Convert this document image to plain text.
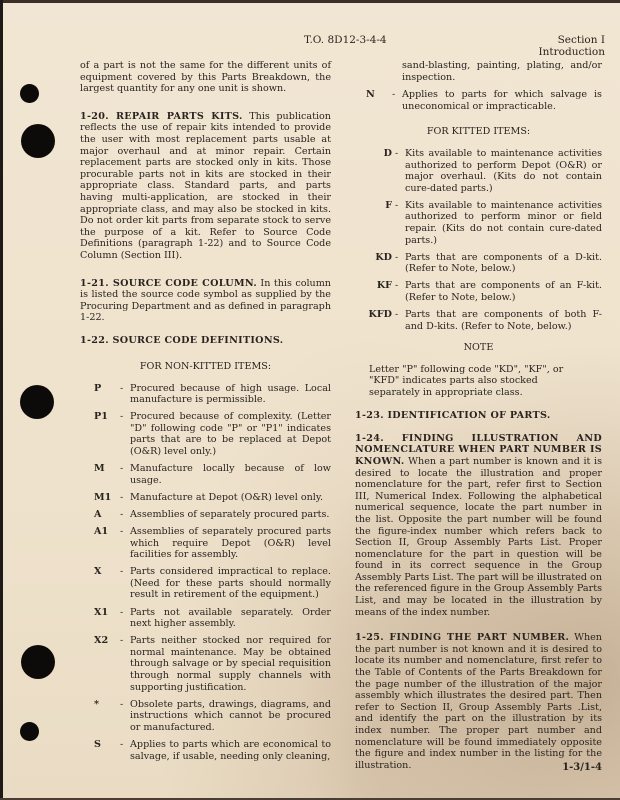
T.O. 8D12-3-4-4	Section I
Introduction

of a part is not the same for the different units of equipment covered by this Parts Breakdown, the largest quantity for any one unit is shown.

1-20. REPAIR PARTS KITS. This publication reflects the use of repair kits intended to provide the user with most replacement parts usable at major overhaul and at minor repair. Certain replacement parts are stocked only in kits. Those procurable parts not in kits are stocked in their appropriate class. Standard parts, and parts having multi-application, are stocked in their appropriate class, and may also be stocked in kits. Do not order kit parts from separate stock to serve the purpose of a kit. Refer to Source Code Definitions (paragraph 1-22) and to Source Code Column (Section III).

1-21. SOURCE CODE COLUMN. In this column is listed the source code symbol as supplied by the Procuring Department and as defined in paragraph 1-22.

1-22. SOURCE CODE DEFINITIONS.

FOR NON-KITTED ITEMS:

P	- Procured because of high usage. Local manufacture is permissible.
P1	- Procured because of complexity. (Letter "D" following code "P" or "P1" indicates parts that are to be replaced at Depot (O&R) level only.)
M	- Manufacture locally because of low usage.
M1 - Manufacture at Depot (O&R) level only.
A	- Assemblies of separately procured parts.
A1	- Assemblies of separately procured parts which require Depot (O&R) level facilities for assembly.
X	- Parts considered impractical to replace. (Need for these parts should normally result in retirement of the equipment.)
X1	- Parts not available separately. Order next higher assembly.
X2	- Parts neither stocked nor required for normal maintenance. May be obtained through salvage or by special requisition through normal supply channels with supporting justification.
*	- Obsolete parts, drawings, diagrams, and instructions which cannot be procured or manufactured.
S	- Applies to parts which are economical to salvage, if usable, needing only cleaning,
sand-blasting, painting, plating, and/or inspection.
N	- Applies to parts for which salvage is uneconomical or impracticable.

FOR KITTED ITEMS:

D - Kits available to maintenance activities authorized to perform Depot (O&R) or major overhaul. (Kits do not contain cure-dated parts.)
F - Kits available to maintenance activities authorized to perform minor or field repair. (Kits do not contain cure-dated parts.)
KD - Parts that are components of a D-kit. (Refer to Note, below.)
KF - Parts that are components of an F-kit. (Refer to Note, below.)
KFD - Parts that are components of both F- and D-kits. (Refer to Note, below.)

NOTE

Letter "P" following code "KD", "KF", or "KFD" indicates parts also stocked separately in appropriate class.

1-23. IDENTIFICATION OF PARTS.

1-24. FINDING ILLUSTRATION AND NOMENCLATURE WHEN PART NUMBER IS KNOWN. When a part number is known and it is desired to locate the illustration and proper nomenclature for the part, refer first to Section III, Numerical Index. Following the alphabetical numerical sequence, locate the part number in the list. Opposite the part number will be found the figure-index number which refers back to Section II, Group Assembly Parts List. Proper nomenclature for the part in question will be found in its correct sequence in the Group Assembly Parts List. The part will be illustrated on the referenced figure in the Group Assembly Parts List, and may be located in the illustration by means of the index number.

1-25. FINDING THE PART NUMBER. When the part number is not known and it is desired to locate its number and nomenclature, first refer to the Table of Contents of the Parts Breakdown for the page number of the illustration of the major assembly which illustrates the desired part. Then refer to Section II, Group Assembly Parts .List, and identify the part on the illustration by its index number. The proper part number and nomenclature will be found immediately opposite the figure and index number in the listing for the illustration.	1-3/1-4
